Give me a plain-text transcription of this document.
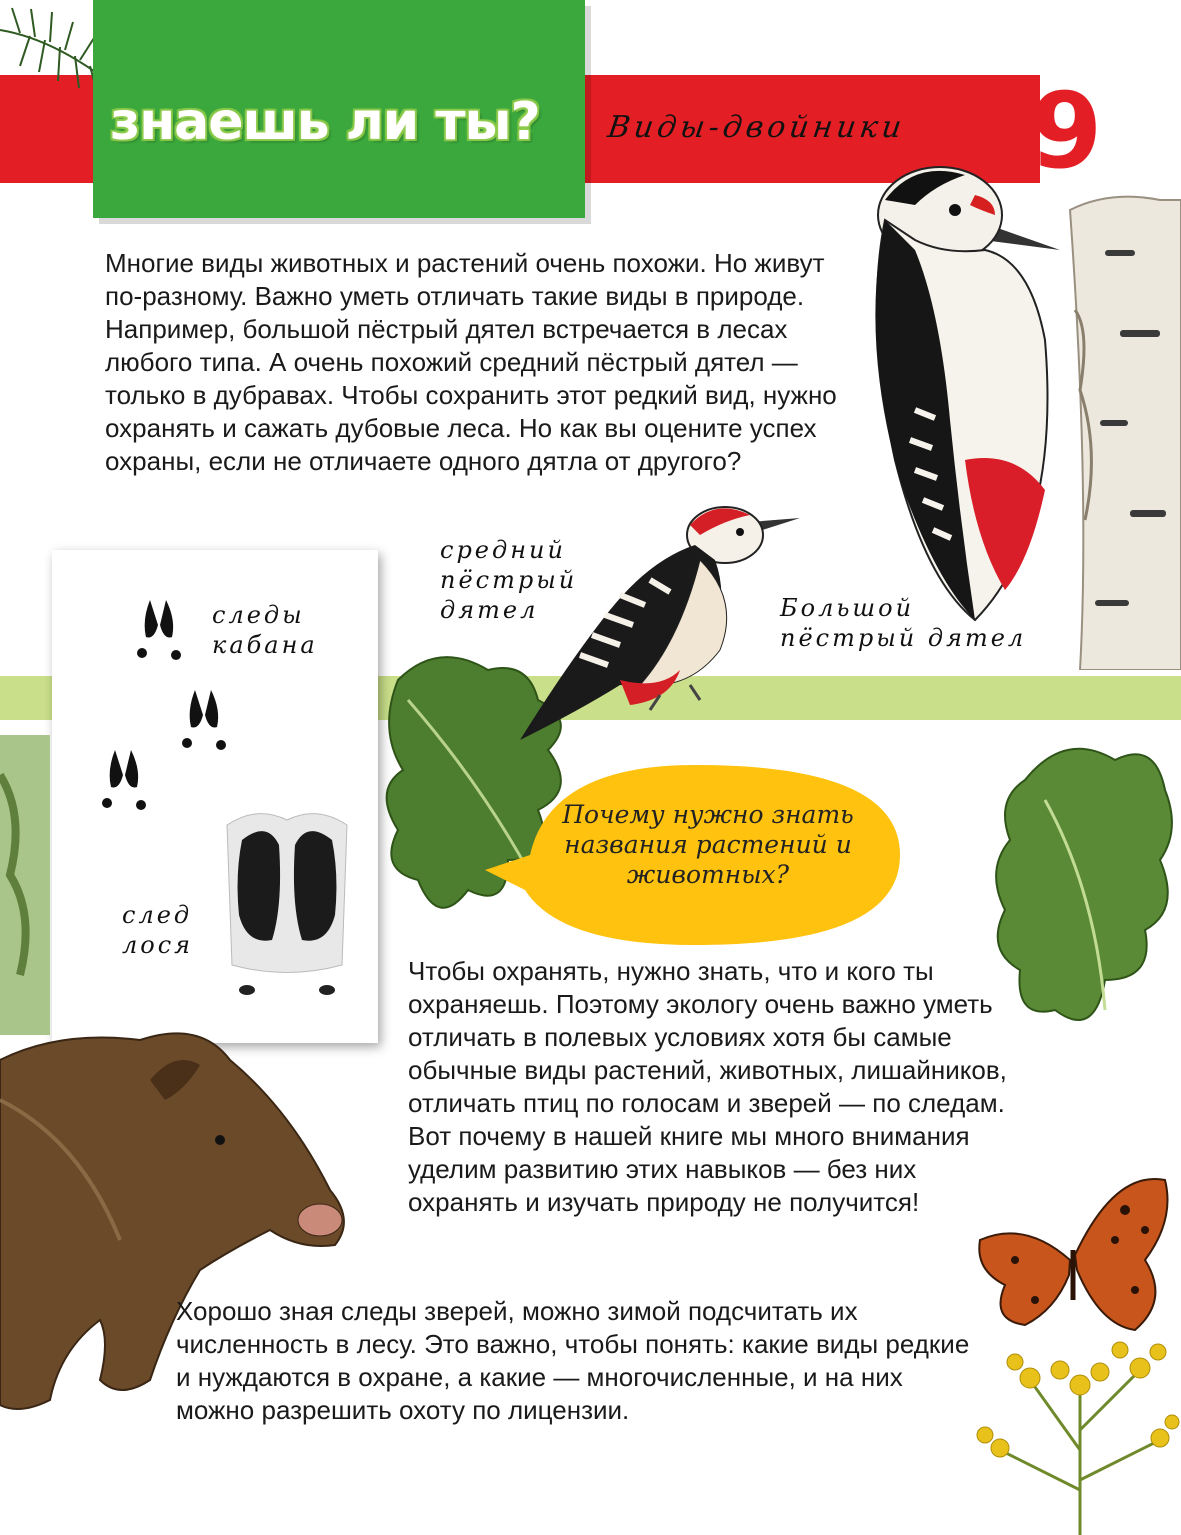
знаешь ли ты? Виды-двойники 9
Многие виды животных и растений очень похожи. Но живут по-разному. Важно уметь отличать такие виды в природе. Например, большой пёстрый дятел встречается в лесах любого типа. А очень похожий средний пёстрый дятел — только в дубравах. Чтобы сохранить этот редкий вид, нужно охранять и сажать дубовые леса. Но как вы оцените успех охраны, если не отличаете одного дятла от другого?
следы
кабана
след
лося
средний
пёстрый
дятел	Большой
пёстрый дятел
Почему нужно знать
названия растений и
животных?
Чтобы охранять, нужно знать, что и кого ты охраняешь. Поэтому экологу очень важно уметь отличать в полевых условиях хотя бы самые обычные виды растений, животных, лишайников, отличать птиц по голосам и зверей — по следам. Вот почему в нашей книге мы много внимания уделим развитию этих навыков — без них охранять и изучать природу не получится!
Хорошо зная следы зверей, можно зимой подсчитать их численность в лесу. Это важно, чтобы понять: какие виды редкие и нуждаются в охране, а какие — многочисленные, и на них можно разрешить охоту по лицензии.
